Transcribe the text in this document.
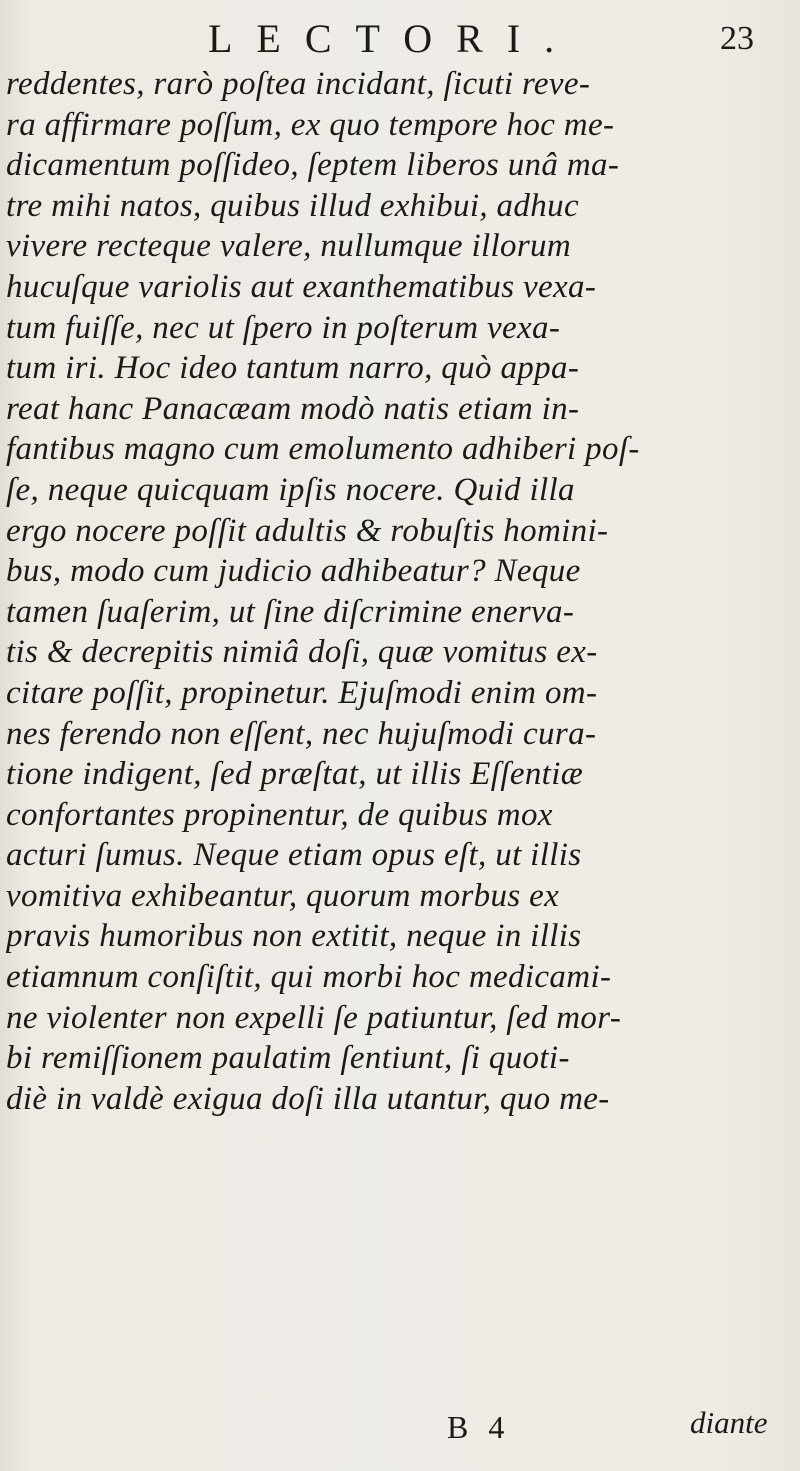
LECTORI.	23
reddentes, rarò poſtea incidant, ſicuti reve-
ra affirmare poſſum, ex quo tempore hoc me-
dicamentum poſſideo, ſeptem liberos unâ ma-
tre mihi natos, quibus illud exhibui, adhuc
vivere recteque valere, nullumque illorum
hucuſque variolis aut exanthematibus vexa-
tum fuiſſe, nec ut ſpero in poſterum vexa-
tum iri. Hoc ideo tantum narro, quò appa-
reat hanc Panacæam modò natis etiam in-
fantibus magno cum emolumento adhiberi poſ-
ſe, neque quicquam ipſis nocere. Quid illa
ergo nocere poſſit adultis & robuſtis homini-
bus, modo cum judicio adhibeatur? Neque
tamen ſuaſerim, ut ſine diſcrimine enerva-
tis & decrepitis nimiâ doſi, quæ vomitus ex-
citare poſſit, propinetur. Ejuſmodi enim om-
nes ferendo non eſſent, nec hujuſmodi cura-
tione indigent, ſed præſtat, ut illis Eſſentiæ
confortantes propinentur, de quibus mox
acturi ſumus. Neque etiam opus eſt, ut illis
vomitiva exhibeantur, quorum morbus ex
pravis humoribus non extitit, neque in illis
etiamnum conſiſtit, qui morbi hoc medicami-
ne violenter non expelli ſe patiuntur, ſed mor-
bi remiſſionem paulatim ſentiunt, ſi quoti-
diè in valdè exigua doſi illa utantur, quo me-
B 4	diante
